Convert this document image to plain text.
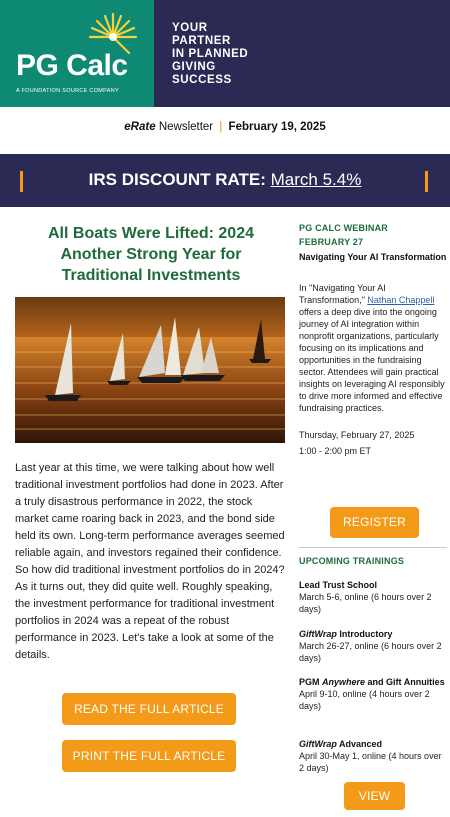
PG Calc
A FOUNDATION SOURCE COMPANY
YOUR
PARTNER
IN PLANNED
GIVING
SUCCESS
eRate Newsletter | February 19, 2025
IRS DISCOUNT RATE: March 5.4%
All Boats Were Lifted: 2024 Another Strong Year for Traditional Investments
Last year at this time, we were talking about how well traditional investment portfolios had done in 2023. After a truly disastrous performance in 2022, the stock market came roaring back in 2023, and the bond side held its own. Long-term performance averages seemed reliable again, and investors regained their confidence. So how did traditional investment portfolios do in 2024? As it turns out, they did quite well. Roughly speaking, the investment performance for traditional investment portfolios in 2024 was a repeat of the robust performance in 2023. Let's take a look at some of the details.
READ THE FULL ARTICLE
PRINT THE FULL ARTICLE
PG CALC WEBINAR
FEBRUARY 27
Navigating Your AI Transformation
In "Navigating Your AI Transformation," Nathan Chappell offers a deep dive into the ongoing journey of AI integration within nonprofit organizations, particularly focusing on its implications and opportunities in the fundraising sector. Attendees will gain practical insights on leveraging AI responsibly to drive more informed and effective fundraising practices.
Thursday, February 27, 2025
1:00 - 2:00 pm ET
REGISTER
UPCOMING TRAININGS
Lead Trust School
March 5-6, online (6 hours over 2 days)
GiftWrap Introductory
March 26-27, online (6 hours over 2 days)
PGM Anywhere and Gift Annuities
April 9-10, online (4 hours over 2 days)
GiftWrap Advanced
April 30-May 1, online (4 hours over 2 days)
VIEW
